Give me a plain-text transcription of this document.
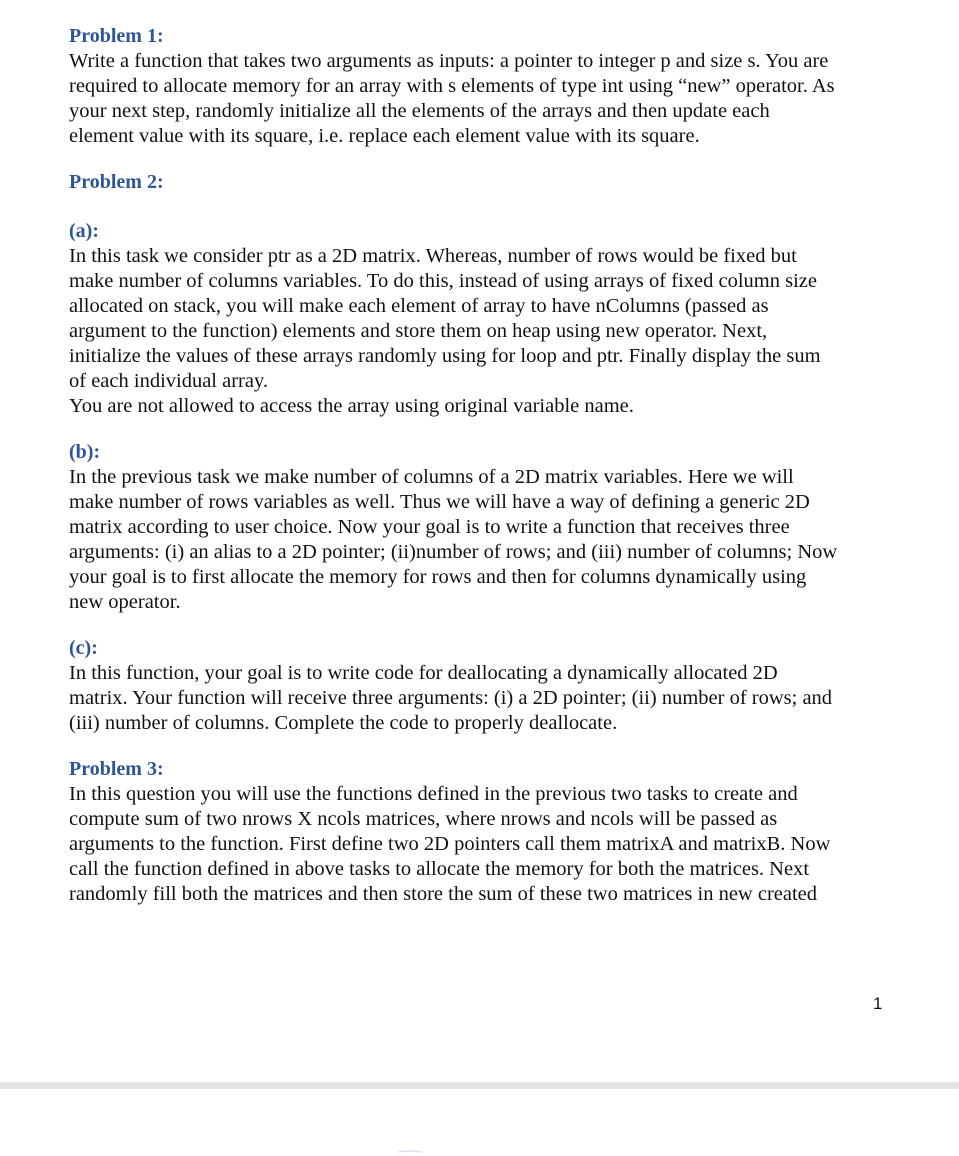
Problem 1:
Write a function that takes two arguments as inputs: a pointer to integer p and size s. You are
required to allocate memory for an array with s elements of type int using “new” operator. As
your next step, randomly initialize all the elements of the arrays and then update each
element value with its square, i.e. replace each element value with its square.
Problem 2:
(a):
In this task we consider ptr as a 2D matrix. Whereas, number of rows would be fixed but
make number of columns variables. To do this, instead of using arrays of fixed column size
allocated on stack, you will make each element of array to have nColumns (passed as
argument to the function) elements and store them on heap using new operator. Next,
initialize the values of these arrays randomly using for loop and ptr. Finally display the sum
of each individual array.
You are not allowed to access the array using original variable name.
(b):
In the previous task we make number of columns of a 2D matrix variables. Here we will
make number of rows variables as well. Thus we will have a way of defining a generic 2D
matrix according to user choice. Now your goal is to write a function that receives three
arguments: (i) an alias to a 2D pointer; (ii)number of rows; and (iii) number of columns; Now
your goal is to first allocate the memory for rows and then for columns dynamically using
new operator.
(c):
In this function, your goal is to write code for deallocating a dynamically allocated 2D
matrix. Your function will receive three arguments: (i) a 2D pointer; (ii) number of rows; and
(iii) number of columns. Complete the code to properly deallocate.
Problem 3:
In this question you will use the functions defined in the previous two tasks to create and
compute sum of two nrows X ncols matrices, where nrows and ncols will be passed as
arguments to the function. First define two 2D pointers call them matrixA and matrixB. Now
call the function defined in above tasks to allocate the memory for both the matrices. Next
randomly fill both the matrices and then store the sum of these two matrices in new created
1
